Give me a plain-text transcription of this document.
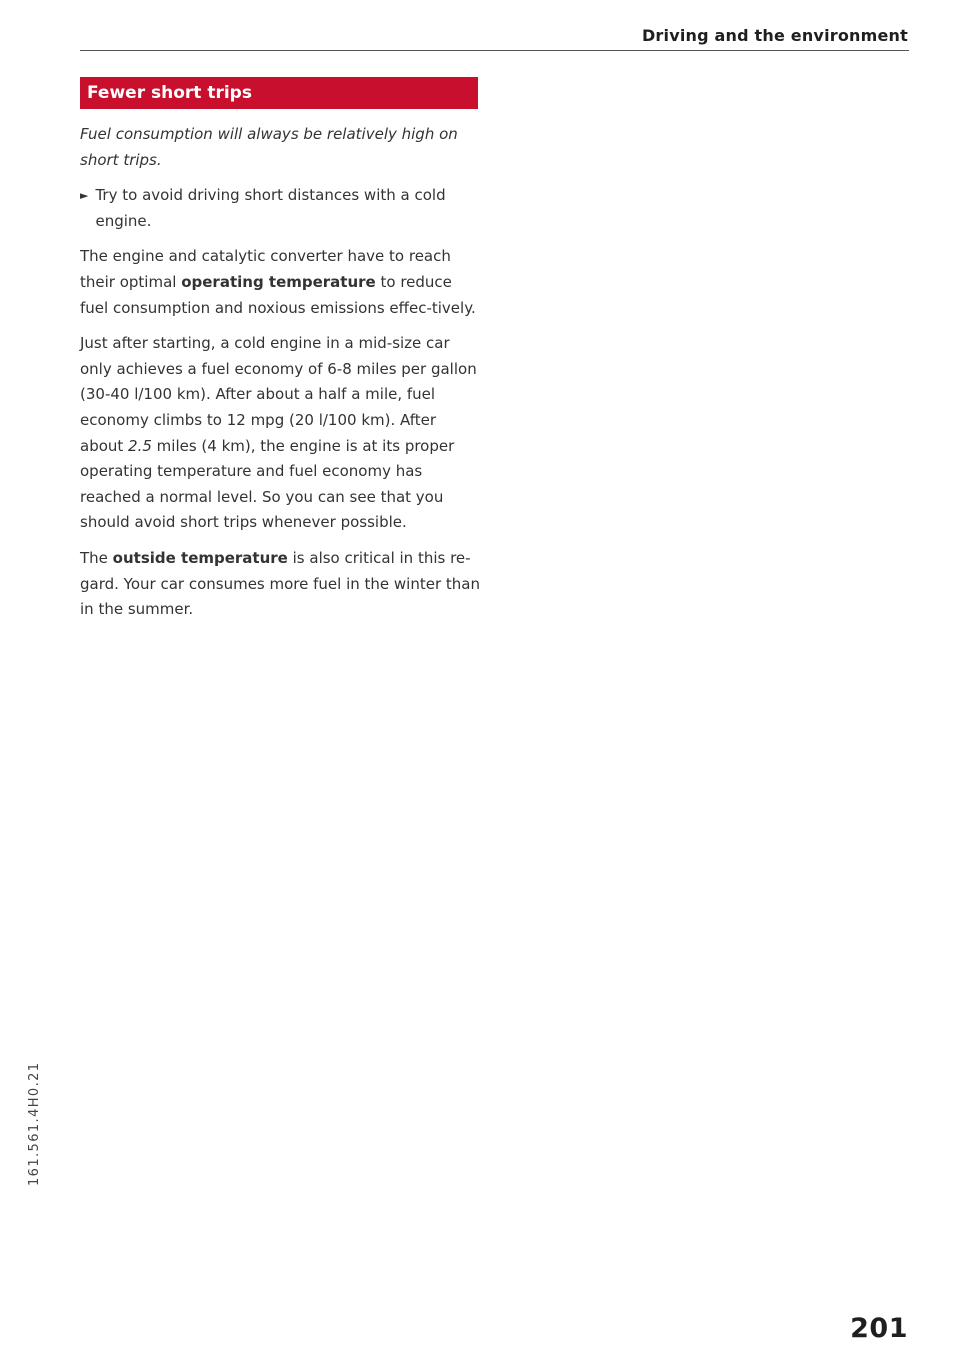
Driving and the environment
Fewer short trips

Fuel consumption will always be relatively high on short trips.

► Try to avoid driving short distances with a cold engine.

The engine and catalytic converter have to reach their optimal operating temperature to reduce fuel consumption and noxious emissions effec-tively.

Just after starting, a cold engine in a mid-size car only achieves a fuel economy of 6-8 miles per gallon (30-40 l/100 km). After about a half a mile, fuel economy climbs to 12 mpg (20 l/100 km). After about 2.5 miles (4 km), the engine is at its proper operating temperature and fuel economy has reached a normal level. So you can see that you should avoid short trips whenever possible.

The outside temperature is also critical in this re-gard. Your car consumes more fuel in the winter than in the summer.

161.561.4H0.21
201
